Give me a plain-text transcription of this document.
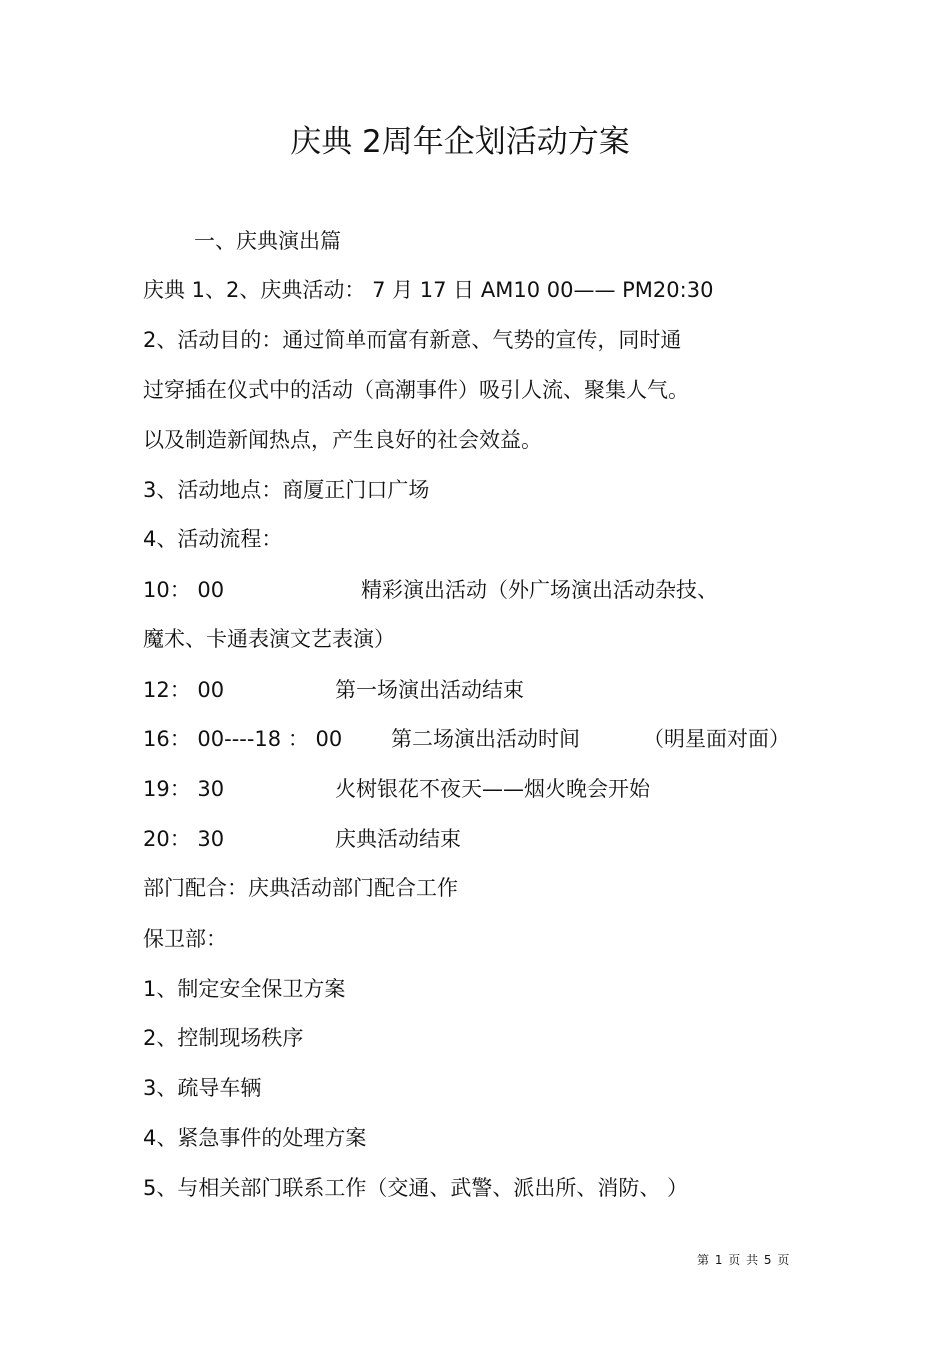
庆典 2周年企划活动方案
一、庆典演出篇
庆典 1、2、庆典活动： 7 月 17 日 AM10 00—— PM20:30
2、活动目的：通过简单而富有新意、气势的宣传，同时通
过穿插在仪式中的活动（高潮事件）吸引人流、聚集人气。
以及制造新闻热点，产生良好的社会效益。
3、活动地点：商厦正门口广场
4、活动流程：
10： 00	精彩演出活动（外广场演出活动杂技、
魔术、卡通表演文艺表演）
12： 00	第一场演出活动结束
16： 00----18 ： 00 第二场演出活动时间	（明星面对面）
19： 30	火树银花不夜天——烟火晚会开始
20： 30	庆典活动结束
部门配合：庆典活动部门配合工作
保卫部：
1、制定安全保卫方案
2、控制现场秩序
3、疏导车辆
4、紧急事件的处理方案
5、与相关部门联系工作（交通、武警、派出所、消防、 ）
第 1 页 共 5 页
